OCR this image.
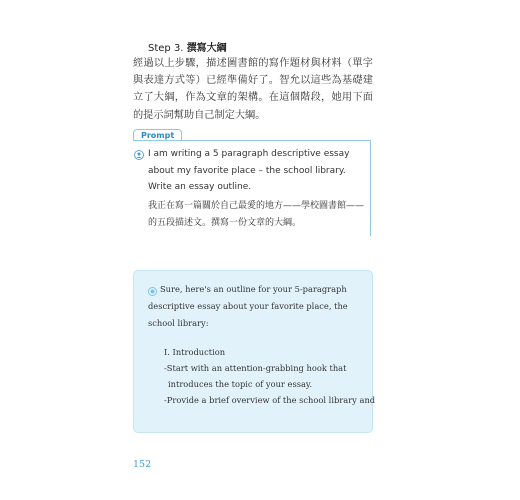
Step 3. 撰寫大綱
經過以上步驟，描述圖書館的寫作題材與材料（單字與表達方式等）已經準備好了。智允以這些為基礎建立了大綱，作為文章的架構。在這個階段，她用下面的提示詞幫助自己制定大綱。
Prompt
I am writing a 5 paragraph descriptive essay about my favorite place – the school library. Write an essay outline.
我正在寫一篇關於自己最愛的地方——學校圖書館——的五段描述文。撰寫一份文章的大綱。
Sure, here's an outline for your 5-paragraph descriptive essay about your favorite place, the school library:
I. Introduction
-Start with an attention-grabbing hook that
introduces the topic of your essay.
-Provide a brief overview of the school library and
152
